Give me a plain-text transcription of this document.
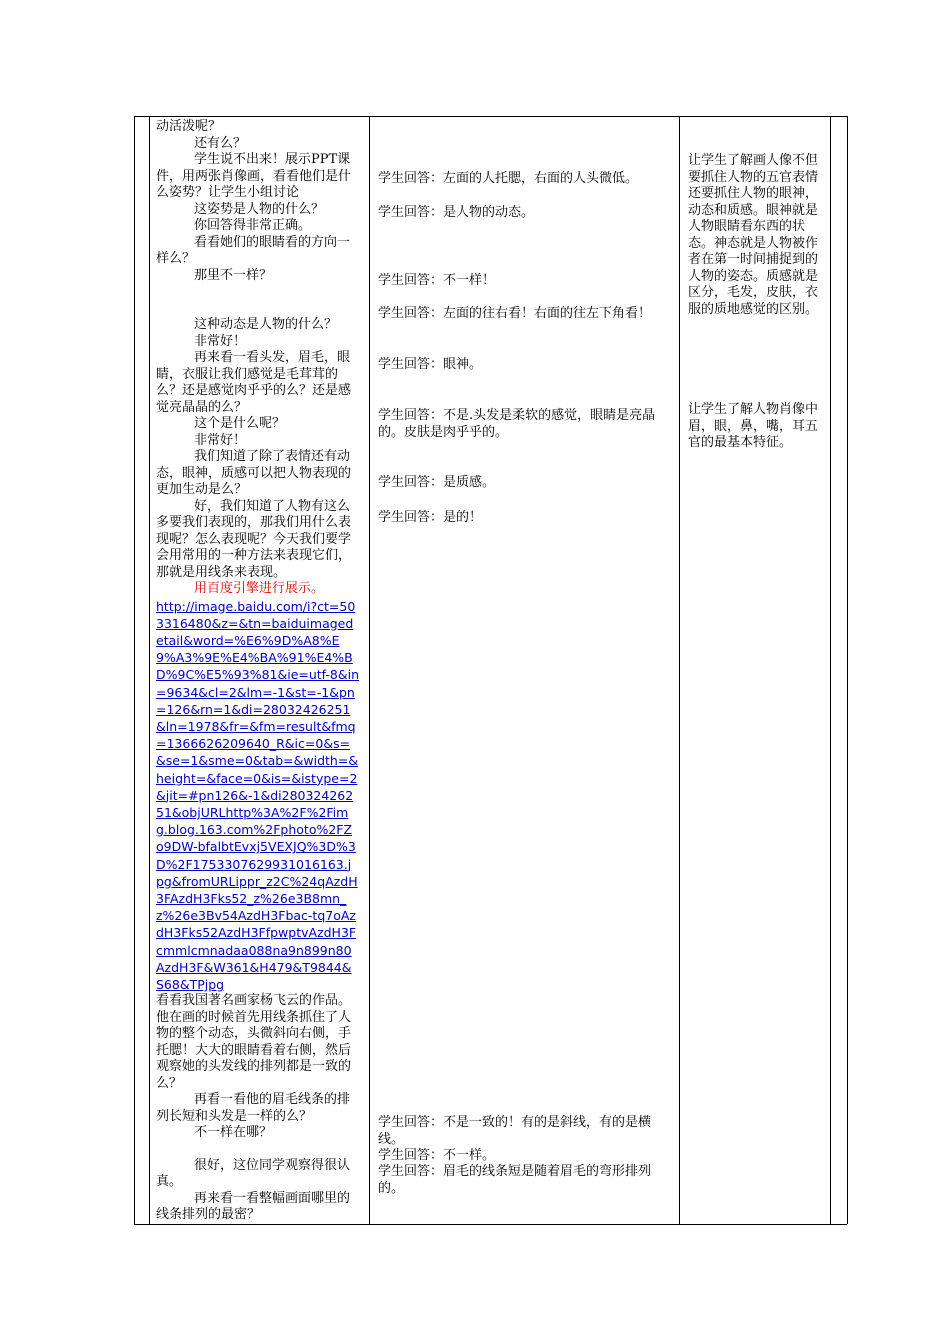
动活泼呢？

还有么？

学生说不出来！展示PPT课件，用两张肖像画，看看他们是什么姿势？让学生小组讨论

这姿势是人物的什么？

你回答得非常正确。

看看她们的眼睛看的方向一样么？

那里不一样？

这种动态是人物的什么？

非常好！

再来看一看头发，眉毛，眼睛，衣服让我们感觉是毛茸茸的么？还是感觉肉乎乎的么？还是感觉亮晶晶的么？

这个是什么呢？

非常好！

我们知道了除了表情还有动态，眼神，质感可以把人物表现的更加生动是么？

好，我们知道了人物有这么多要我们表现的，那我们用什么表现呢？怎么表现呢？今天我们要学会用常用的一种方法来表现它们，那就是用线条来表现。

用百度引擎进行展示。

http://image.baidu.com/i?ct=503316480&z=&tn=baiduimagedetail&word=%E6%9D%A8%E9%A3%9E%E4%BA%91%E4%BD%9C%E5%93%81&ie=utf-8&in=9634&cl=2&lm=-1&st=-1&pn=126&rn=1&di=28032426251&ln=1978&fr=&fm=result&fmq=1366626209640_R&ic=0&s=&se=1&sme=0&tab=&width=&height=&face=0&is=&istype=2&jit=#pn126&-1&di28032426251&objURLhttp%3A%2F%2Fimg.blog.163.com%2Fphoto%2FZo9DW-bfalbtEvxj5VEXJQ%3D%3D%2F1753307629931016163.jpg&fromURLippr_z2C%24qAzdH3FAzdH3Fks52_z%26e3B8mn_z%26e3Bv54AzdH3Fbac-tq7oAzdH3Fks52AzdH3FfpwptvAzdH3Fcmmlcmnadaa088na9n899n80AzdH3F&W361&H479&T9844&S68&TPjpg

看看我国著名画家杨飞云的作品。他在画的时候首先用线条抓住了人物的整个动态，头微斜向右侧，手托腮！大大的眼睛看着右侧，然后观察她的头发线的排列都是一致的么？

再看一看他的眉毛线条的排列长短和头发是一样的么？

不一样在哪？

很好，这位同学观察得很认真。

再来看一看整幅画面哪里的线条排列的最密？

学生回答：左面的人托腮，右面的人头微低。

学生回答：是人物的动态。

学生回答：不一样！

学生回答：左面的往右看！右面的往左下角看！

学生回答：眼神。

学生回答：不是.头发是柔软的感觉，眼睛是亮晶的。皮肤是肉乎乎的。

学生回答：是质感。

学生回答：是的！

学生回答：不是一致的！有的是斜线，有的是横线。

学生回答：不一样。

学生回答：眉毛的线条短是随着眉毛的弯形排列的。

让学生了解画人像不但要抓住人物的五官表情还要抓住人物的眼神，动态和质感。眼神就是人物眼睛看东西的状态。神态就是人物被作者在第一时间捕捉到的人物的姿态。质感就是区分，毛发，皮肤，衣服的质地感觉的区别。
让学生了解人物肖像中眉，眼，鼻，嘴，耳五官的最基本特征。
